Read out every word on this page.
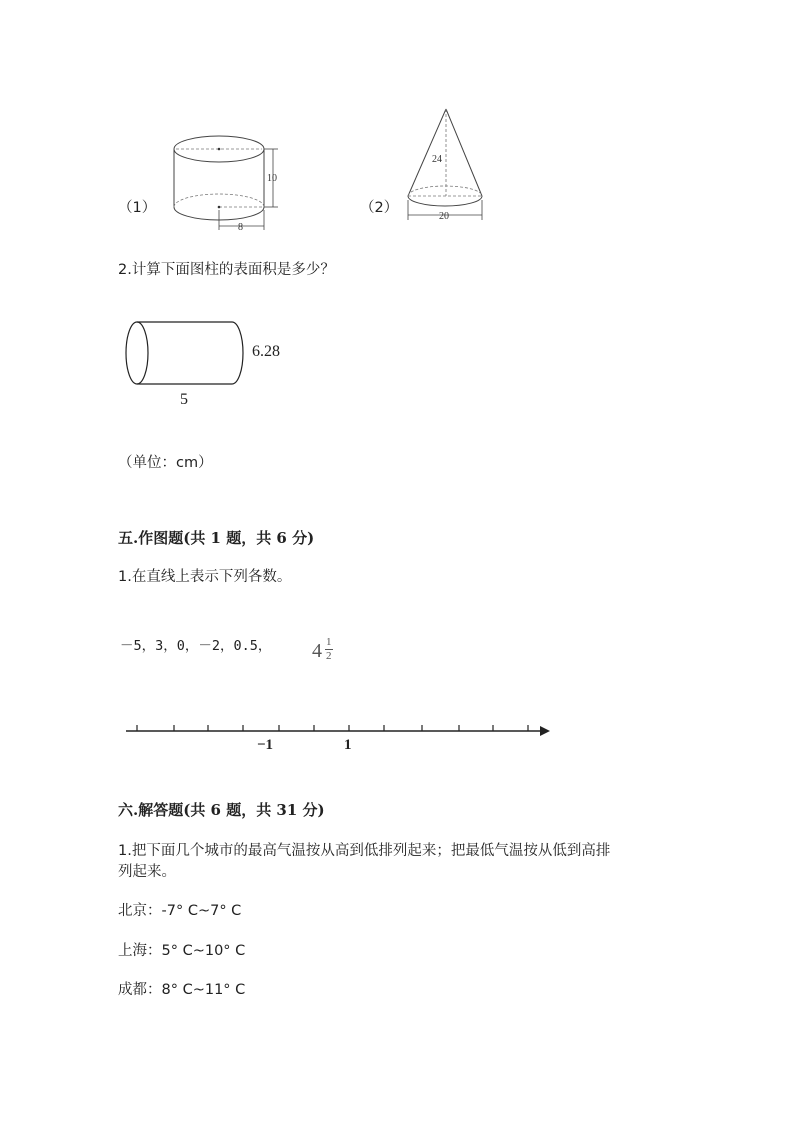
（1）
10
8
（2）
24
20
2.计算下面图柱的表面积是多少？
6.28
5
（单位：cm）
五.作图题(共 1 题，共 6 分)
1.在直线上表示下列各数。
－5，3，0，－2，0.5， 4 1
2
−1	1
六.解答题(共 6 题，共 31 分)
1.把下面几个城市的最高气温按从高到低排列起来；把最低气温按从低到高排
列起来。
北京：-7° C~7° C
上海：5° C~10° C
成都：8° C~11° C
